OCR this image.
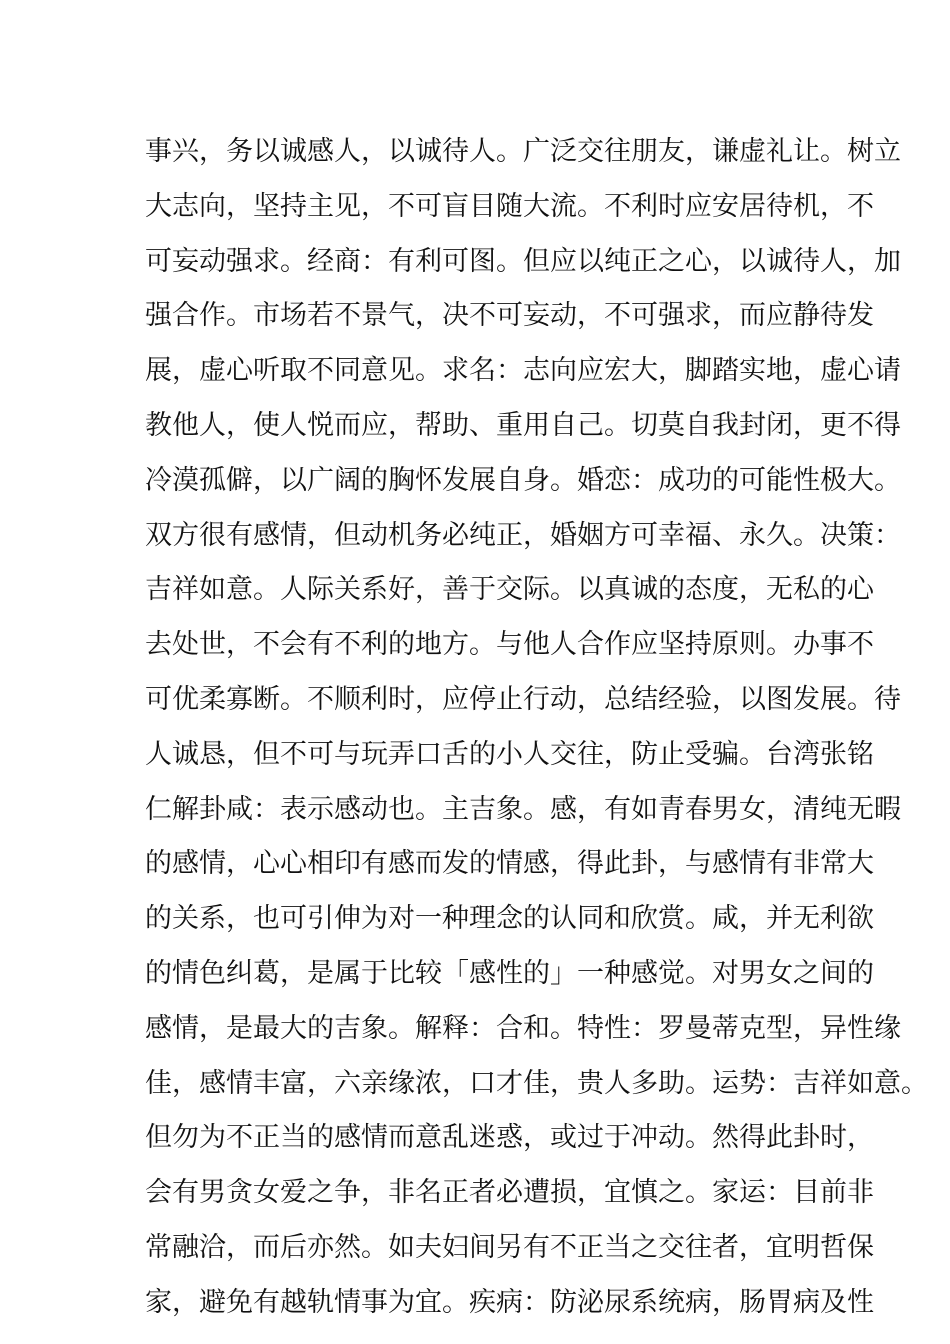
事兴，务以诚感人，以诚待人。广泛交往朋友，谦虚礼让。树立
大志向，坚持主见，不可盲目随大流。不利时应安居待机，不
可妄动强求。经商：有利可图。但应以纯正之心，以诚待人，加
强合作。市场若不景气，决不可妄动，不可强求，而应静待发
展，虚心听取不同意见。求名：志向应宏大，脚踏实地，虚心请
教他人，使人悦而应，帮助、重用自己。切莫自我封闭，更不得
冷漠孤僻，以广阔的胸怀发展自身。婚恋：成功的可能性极大。
双方很有感情，但动机务必纯正，婚姻方可幸福、永久。决策：
吉祥如意。人际关系好，善于交际。以真诚的态度，无私的心
去处世，不会有不利的地方。与他人合作应坚持原则。办事不
可优柔寡断。不顺利时，应停止行动，总结经验，以图发展。待
人诚恳，但不可与玩弄口舌的小人交往，防止受骗。台湾张铭
仁解卦咸：表示感动也。主吉象。感，有如青春男女，清纯无暇
的感情，心心相印有感而发的情感，得此卦，与感情有非常大
的关系，也可引伸为对一种理念的认同和欣赏。咸，并无利欲
的情色纠葛，是属于比较「感性的」一种感觉。对男女之间的
感情，是最大的吉象。解释：合和。特性：罗曼蒂克型，异性缘
佳，感情丰富，六亲缘浓，口才佳，贵人多助。运势：吉祥如意。
但勿为不正当的感情而意乱迷惑，或过于冲动。然得此卦时，
会有男贪女爱之争，非名正者必遭损，宜慎之。家运：目前非
常融洽，而后亦然。如夫妇间另有不正当之交往者，宜明哲保
家，避免有越轨情事为宜。疾病：防泌尿系统病，肠胃病及性
